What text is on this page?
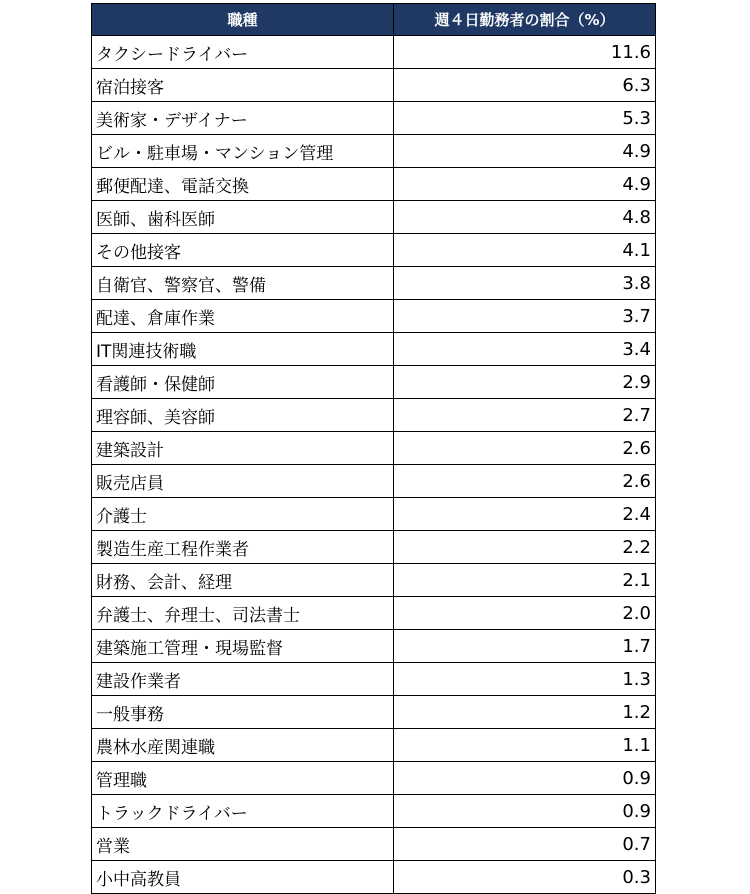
職種	週４日勤務者の割合（%）
タクシードライバー	11.6
宿泊接客	6.3
美術家・デザイナー	5.3
ビル・駐車場・マンション管理	4.9
郵便配達、電話交換	4.9
医師、歯科医師	4.8
その他接客	4.1
自衛官、警察官、警備	3.8
配達、倉庫作業	3.7
IT関連技術職	3.4
看護師・保健師	2.9
理容師、美容師	2.7
建築設計	2.6
販売店員	2.6
介護士	2.4
製造生産工程作業者	2.2
財務、会計、経理	2.1
弁護士、弁理士、司法書士	2.0
建築施工管理・現場監督	1.7
建設作業者	1.3
一般事務	1.2
農林水産関連職	1.1
管理職	0.9
トラックドライバー	0.9
営業	0.7
小中高教員	0.3
